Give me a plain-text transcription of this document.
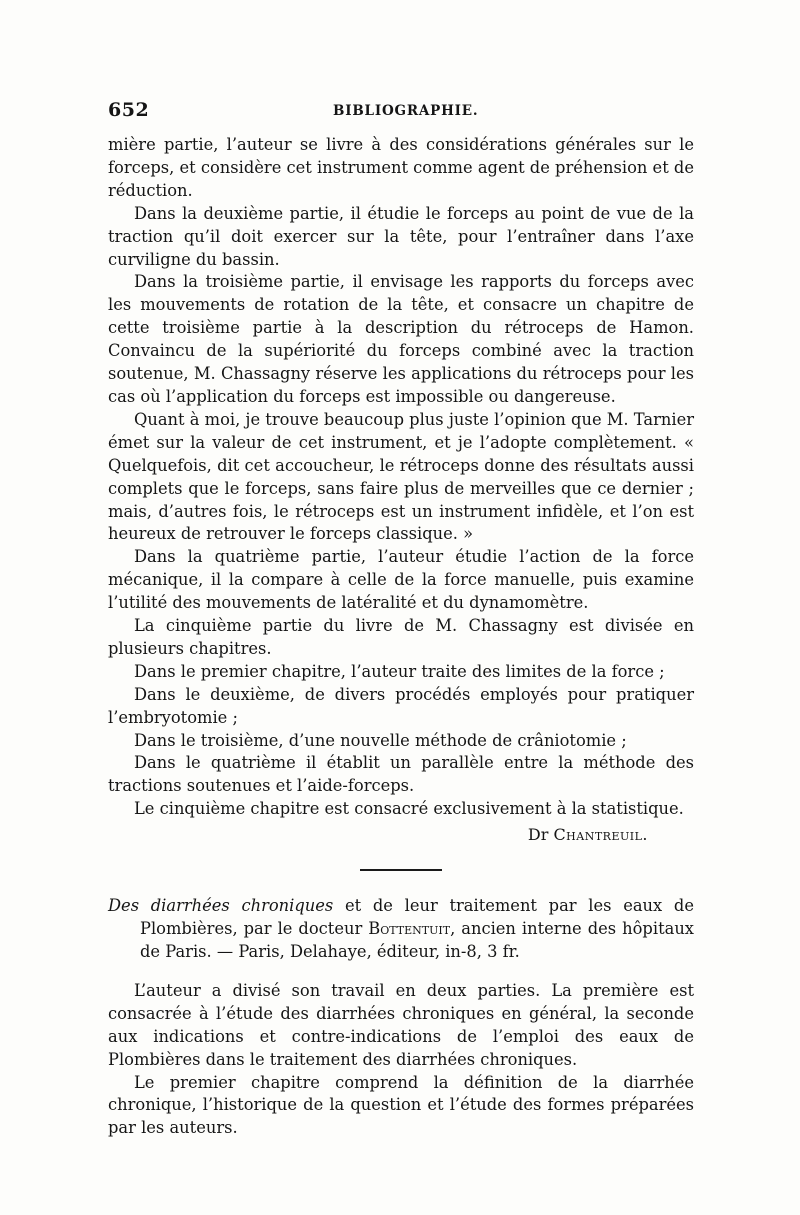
652	BIBLIOGRAPHIE.

mière partie, l’auteur se livre à des considérations générales sur le forceps, et considère cet instrument comme agent de préhension et de réduction.

Dans la deuxième partie, il étudie le forceps au point de vue de la traction qu’il doit exercer sur la tête, pour l’entraîner dans l’axe curviligne du bassin.

Dans la troisième partie, il envisage les rapports du forceps avec les mouvements de rotation de la tête, et consacre un chapitre de cette troisième partie à la description du rétroceps de Hamon. Convaincu de la supériorité du forceps combiné avec la traction soutenue, M. Chassagny réserve les applications du rétroceps pour les cas où l’application du forceps est impossible ou dangereuse.

Quant à moi, je trouve beaucoup plus juste l’opinion que M. Tarnier émet sur la valeur de cet instrument, et je l’adopte complètement. « Quelquefois, dit cet accoucheur, le rétroceps donne des résultats aussi complets que le forceps, sans faire plus de merveilles que ce dernier ; mais, d’autres fois, le rétroceps est un instrument infidèle, et l’on est heureux de retrouver le forceps classique. »

Dans la quatrième partie, l’auteur étudie l’action de la force mécanique, il la compare à celle de la force manuelle, puis examine l’utilité des mouvements de latéralité et du dynamomètre.

La cinquième partie du livre de M. Chassagny est divisée en plusieurs chapitres.

Dans le premier chapitre, l’auteur traite des limites de la force ;

Dans le deuxième, de divers procédés employés pour pratiquer l’embryotomie ;

Dans le troisième, d’une nouvelle méthode de crâniotomie ;

Dans le quatrième il établit un parallèle entre la méthode des tractions soutenues et l’aide-forceps.

Le cinquième chapitre est consacré exclusivement à la statistique.

Dr Chantreuil.

Des diarrhées chroniques et de leur traitement par les eaux de Plombières, par le docteur Bottentuit, ancien interne des hôpitaux de Paris. — Paris, Delahaye, éditeur, in-8, 3 fr.

L’auteur a divisé son travail en deux parties. La première est consacrée à l’étude des diarrhées chroniques en général, la seconde aux indications et contre-indications de l’emploi des eaux de Plombières dans le traitement des diarrhées chroniques.

Le premier chapitre comprend la définition de la diarrhée chronique, l’historique de la question et l’étude des formes préparées par les auteurs.
